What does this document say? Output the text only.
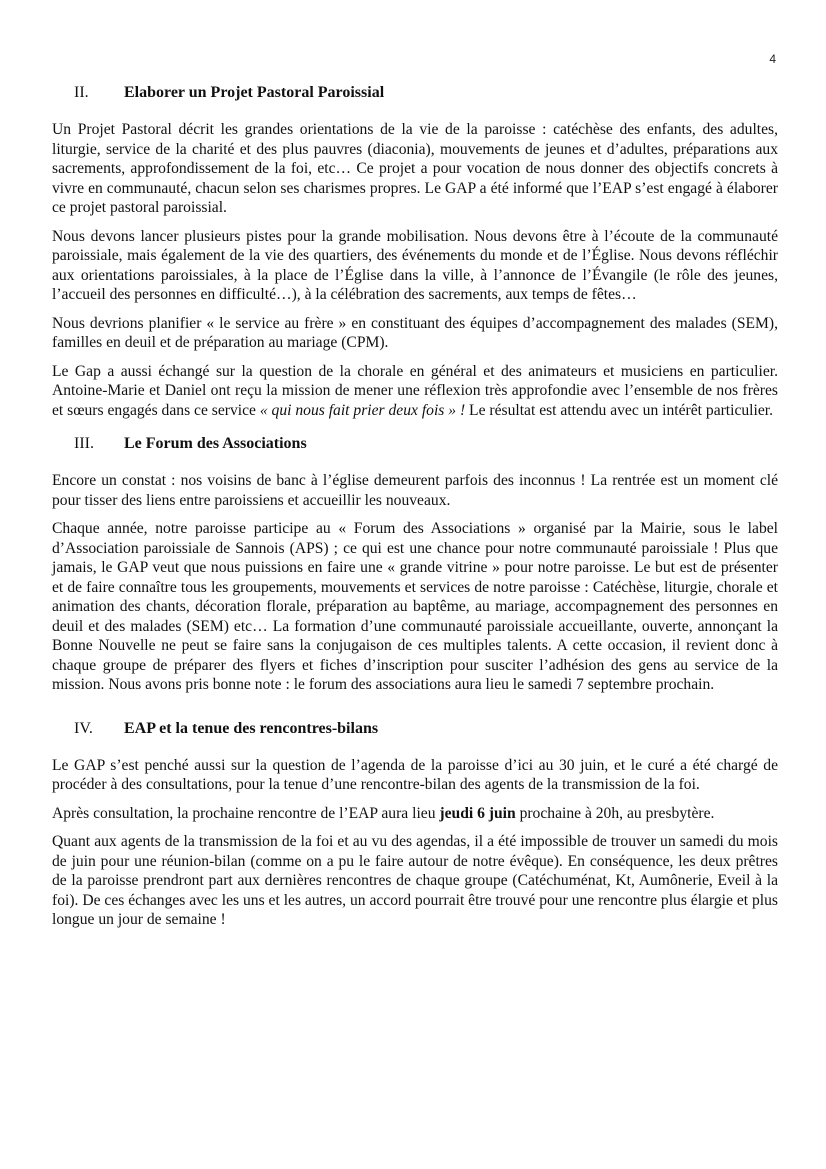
4
II.	Elaborer un Projet Pastoral Paroissial

Un Projet Pastoral décrit les grandes orientations de la vie de la paroisse : catéchèse des enfants, des adultes, liturgie, service de la charité et des plus pauvres (diaconia), mouvements de jeunes et d’adultes, préparations aux sacrements, approfondissement de la foi, etc… Ce projet a pour vocation de nous donner des objectifs concrets à vivre en communauté, chacun selon ses charismes propres. Le GAP a été informé que l’EAP s’est engagé à élaborer ce projet pastoral paroissial.

Nous devons lancer plusieurs pistes pour la grande mobilisation. Nous devons être à l’écoute de la communauté paroissiale, mais également de la vie des quartiers, des événements du monde et de l’Église. Nous devons réfléchir aux orientations paroissiales, à la place de l’Église dans la ville, à l’annonce de l’Évangile (le rôle des jeunes, l’accueil des personnes en difficulté…), à la célébration des sacrements, aux temps de fêtes…

Nous devrions planifier « le service au frère » en constituant des équipes d’accompagnement des malades (SEM), familles en deuil et de préparation au mariage (CPM).

Le Gap a aussi échangé sur la question de la chorale en général et des animateurs et musiciens en particulier. Antoine-Marie et Daniel ont reçu la mission de mener une réflexion très approfondie avec l’ensemble de nos frères et sœurs engagés dans ce service « qui nous fait prier deux fois » ! Le résultat est attendu avec un intérêt particulier.

III.	Le Forum des Associations

Encore un constat : nos voisins de banc à l’église demeurent parfois des inconnus ! La rentrée est un moment clé pour tisser des liens entre paroissiens et accueillir les nouveaux.

Chaque année, notre paroisse participe au « Forum des Associations » organisé par la Mairie, sous le label d’Association paroissiale de Sannois (APS) ; ce qui est une chance pour notre communauté paroissiale ! Plus que jamais, le GAP veut que nous puissions en faire une « grande vitrine » pour notre paroisse. Le but est de présenter et de faire connaître tous les groupements, mouvements et services de notre paroisse : Catéchèse, liturgie, chorale et animation des chants, décoration florale, préparation au baptême, au mariage, accompagnement des personnes en deuil et des malades (SEM) etc… La formation d’une communauté paroissiale accueillante, ouverte, annonçant la Bonne Nouvelle ne peut se faire sans la conjugaison de ces multiples talents. A cette occasion, il revient donc à chaque groupe de préparer des flyers et fiches d’inscription pour susciter l’adhésion des gens au service de la mission. Nous avons pris bonne note : le forum des associations aura lieu le samedi 7 septembre prochain.

IV.	EAP et la tenue des rencontres-bilans

Le GAP s’est penché aussi sur la question de l’agenda de la paroisse d’ici au 30 juin, et le curé a été chargé de procéder à des consultations, pour la tenue d’une rencontre-bilan des agents de la transmission de la foi.

Après consultation, la prochaine rencontre de l’EAP aura lieu jeudi 6 juin prochaine à 20h, au presbytère.

Quant aux agents de la transmission de la foi et au vu des agendas, il a été impossible de trouver un samedi du mois de juin pour une réunion-bilan (comme on a pu le faire autour de notre évêque). En conséquence, les deux prêtres de la paroisse prendront part aux dernières rencontres de chaque groupe (Catéchuménat, Kt, Aumônerie, Eveil à la foi). De ces échanges avec les uns et les autres, un accord pourrait être trouvé pour une rencontre plus élargie et plus longue un jour de semaine !
